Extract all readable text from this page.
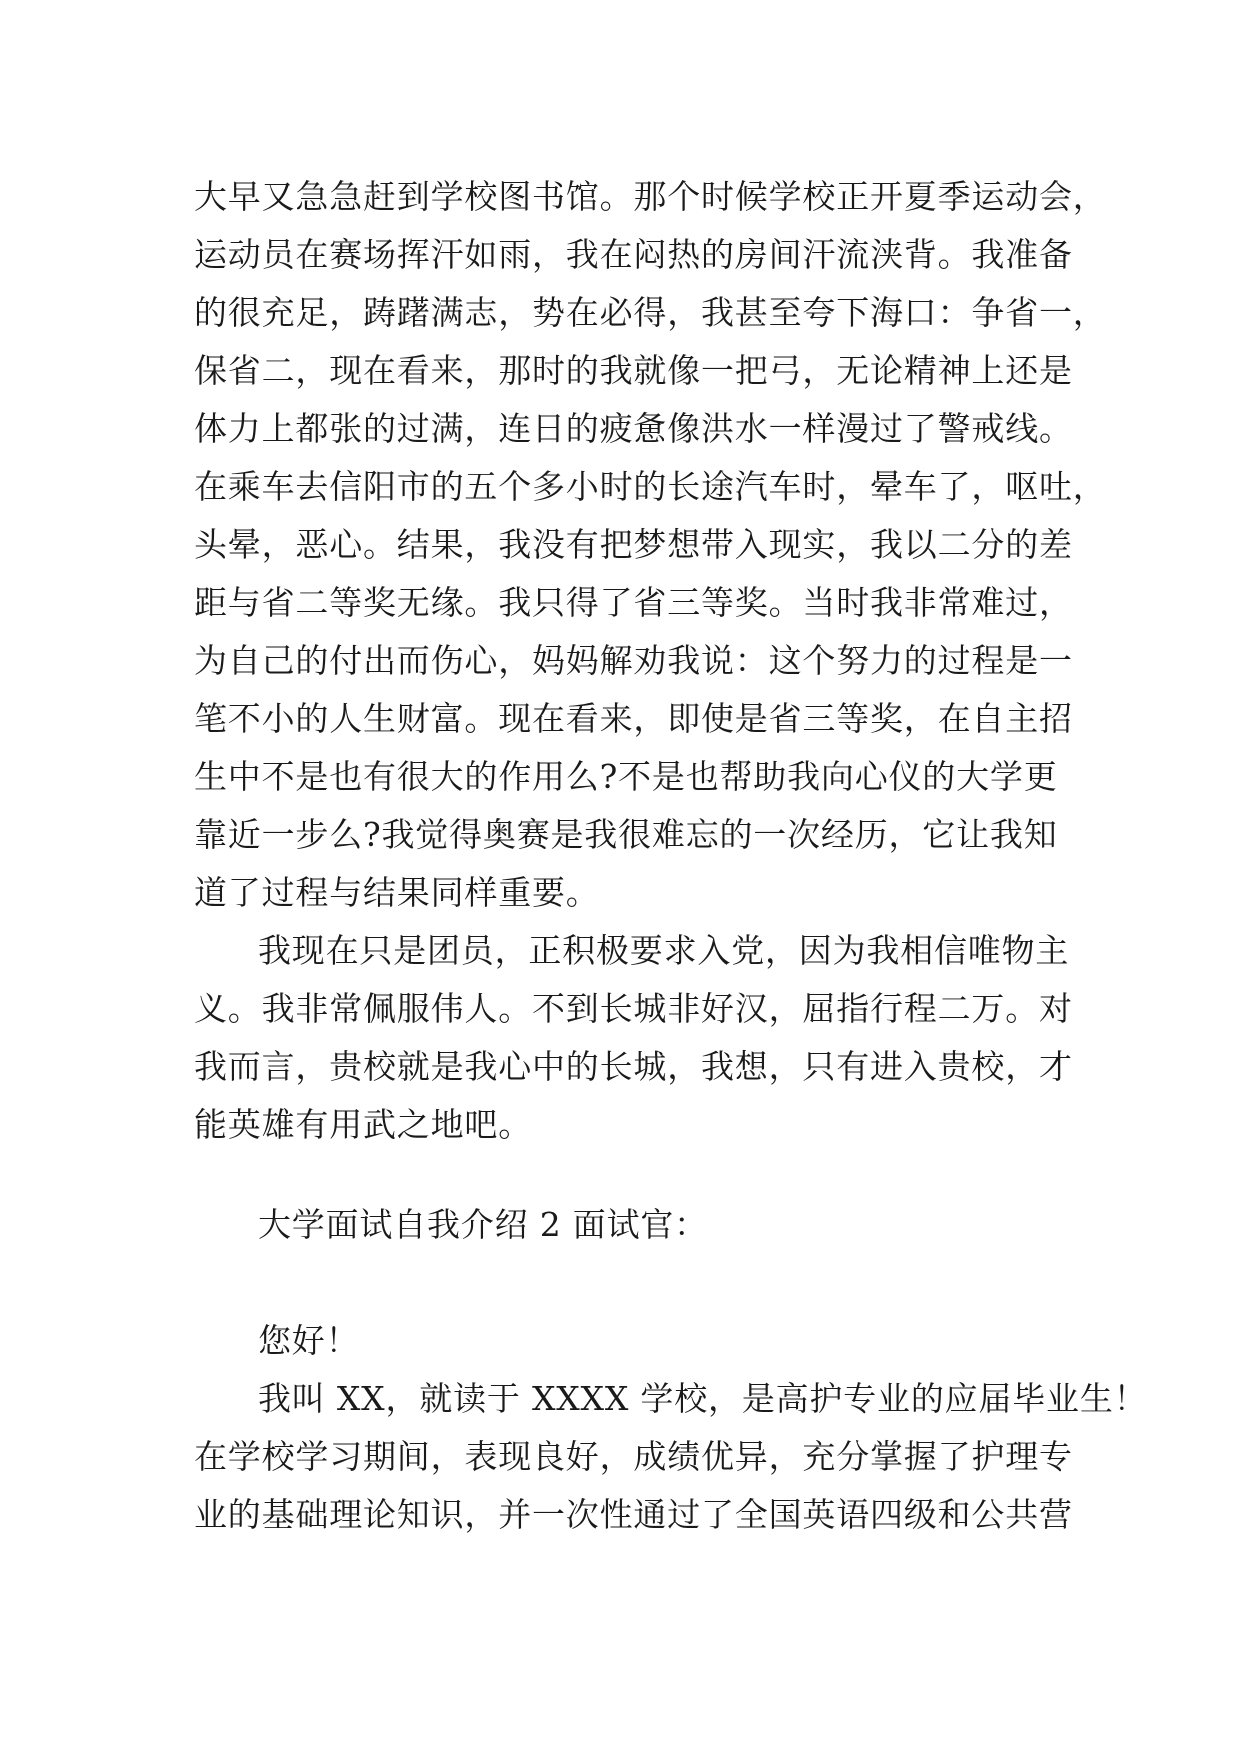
大早又急急赶到学校图书馆。那个时候学校正开夏季运动会，
运动员在赛场挥汗如雨，我在闷热的房间汗流浃背。我准备
的很充足，踌躇满志，势在必得，我甚至夸下海口：争省一，
保省二，现在看来，那时的我就像一把弓，无论精神上还是
体力上都张的过满，连日的疲惫像洪水一样漫过了警戒线。
在乘车去信阳市的五个多小时的长途汽车时，晕车了，呕吐，
头晕，恶心。结果，我没有把梦想带入现实，我以二分的差
距与省二等奖无缘。我只得了省三等奖。当时我非常难过，
为自己的付出而伤心，妈妈解劝我说：这个努力的过程是一
笔不小的人生财富。现在看来，即使是省三等奖，在自主招
生中不是也有很大的作用么?不是也帮助我向心仪的大学更
靠近一步么?我觉得奥赛是我很难忘的一次经历，它让我知
道了过程与结果同样重要。
我现在只是团员，正积极要求入党，因为我相信唯物主
义。我非常佩服伟人。不到长城非好汉，屈指行程二万。对
我而言，贵校就是我心中的长城，我想，只有进入贵校，才
能英雄有用武之地吧。
大学面试自我介绍 2 面试官：
您好！
我叫 XX，就读于 XXXX 学校，是高护专业的应届毕业生！
在学校学习期间，表现良好，成绩优异，充分掌握了护理专
业的基础理论知识，并一次性通过了全国英语四级和公共营
